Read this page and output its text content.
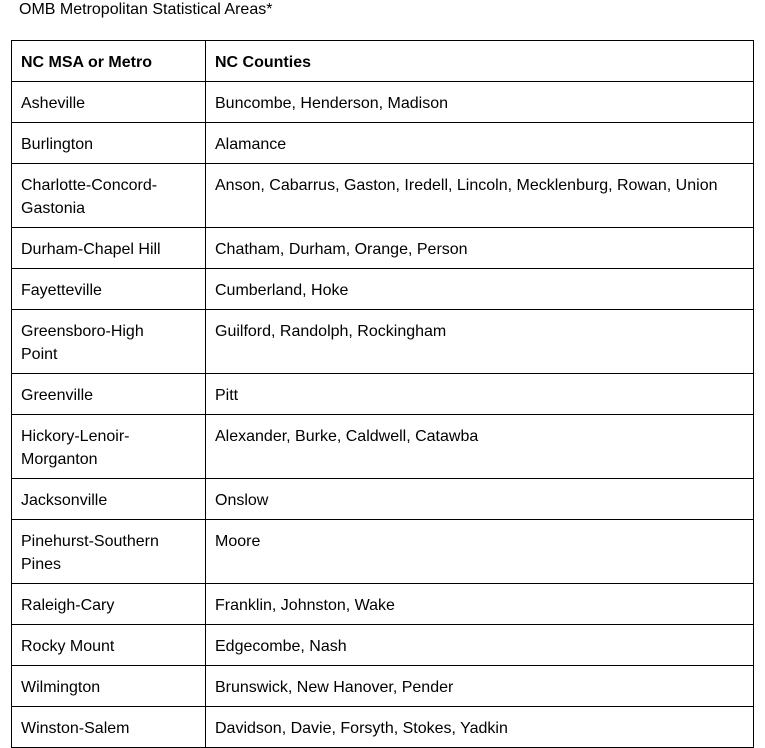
OMB Metropolitan Statistical Areas*
NC MSA or Metro	NC Counties
Asheville	Buncombe, Henderson, Madison
Burlington	Alamance
Charlotte-Concord-
Gastonia	Anson, Cabarrus, Gaston, Iredell, Lincoln, Mecklenburg, Rowan, Union
Durham-Chapel Hill	Chatham, Durham, Orange, Person
Fayetteville	Cumberland, Hoke
Greensboro-High
Point	Guilford, Randolph, Rockingham
Greenville	Pitt
Hickory-Lenoir-
Morganton	Alexander, Burke, Caldwell, Catawba
Jacksonville	Onslow
Pinehurst-Southern
Pines	Moore
Raleigh-Cary	Franklin, Johnston, Wake
Rocky Mount	Edgecombe, Nash
Wilmington	Brunswick, New Hanover, Pender
Winston-Salem	Davidson, Davie, Forsyth, Stokes, Yadkin
